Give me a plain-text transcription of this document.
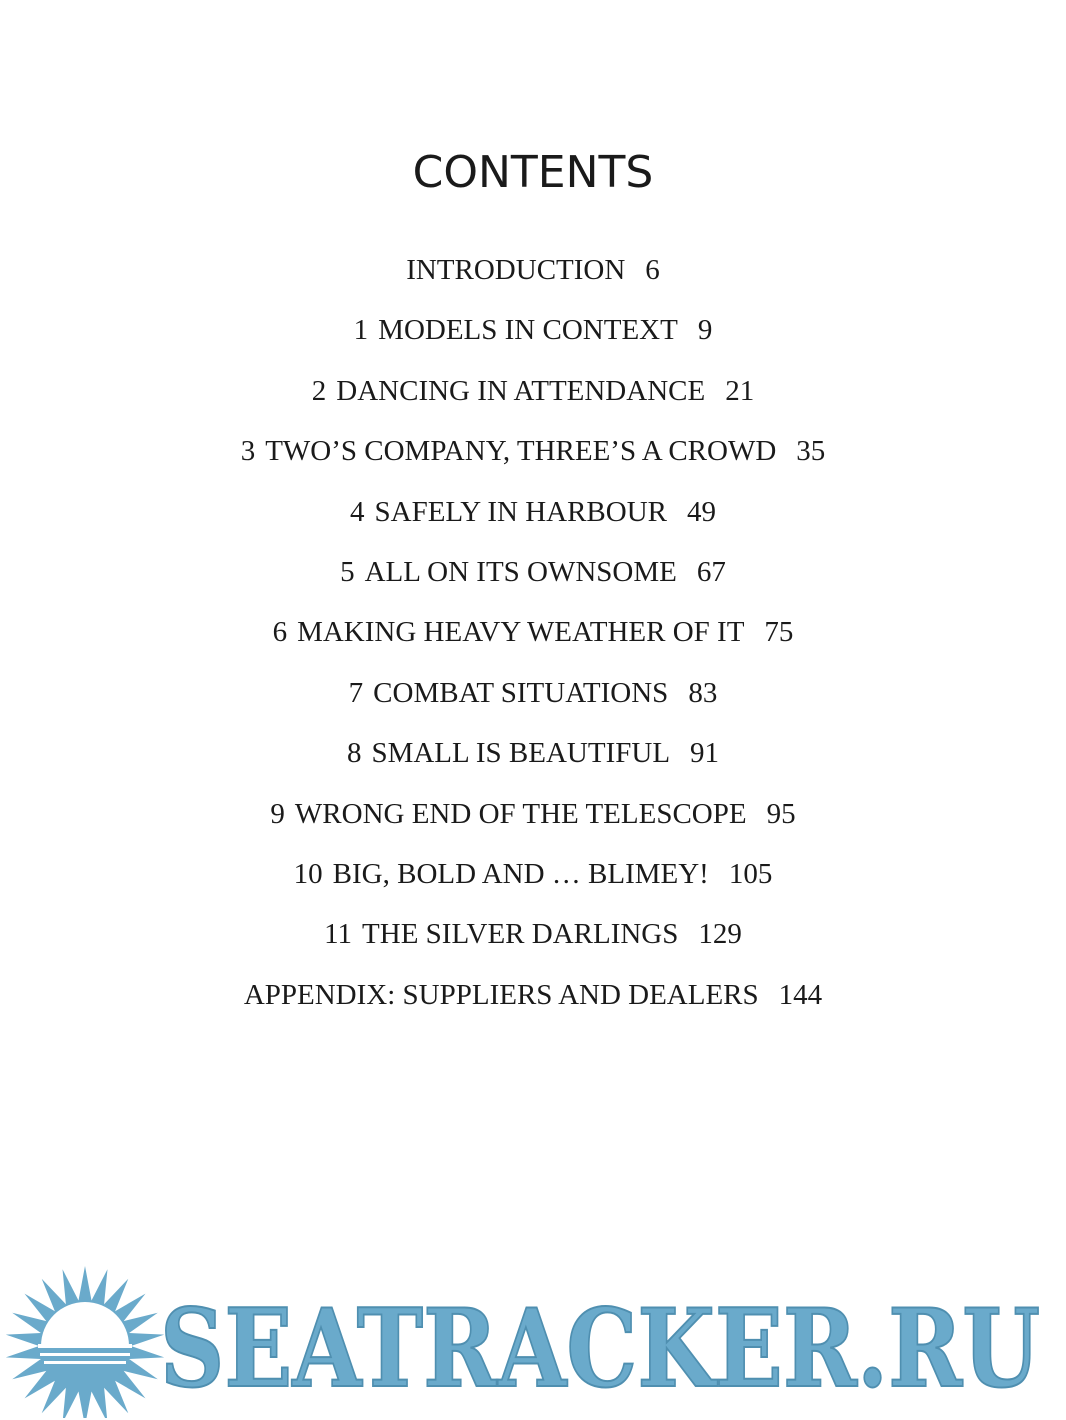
CONTENTS
INTRODUCTION 6
1 MODELS IN CONTEXT 9
2 DANCING IN ATTENDANCE 21
3 TWO’S COMPANY, THREE’S A CROWD 35
4 SAFELY IN HARBOUR 49
5 ALL ON ITS OWNSOME 67
6 MAKING HEAVY WEATHER OF IT 75
7 COMBAT SITUATIONS 83
8 SMALL IS BEAUTIFUL 91
9 WRONG END OF THE TELESCOPE 95
10 BIG, BOLD AND … BLIMEY! 105
11 THE SILVER DARLINGS 129
APPENDIX: SUPPLIERS AND DEALERS 144
SEATRACKER.RU
